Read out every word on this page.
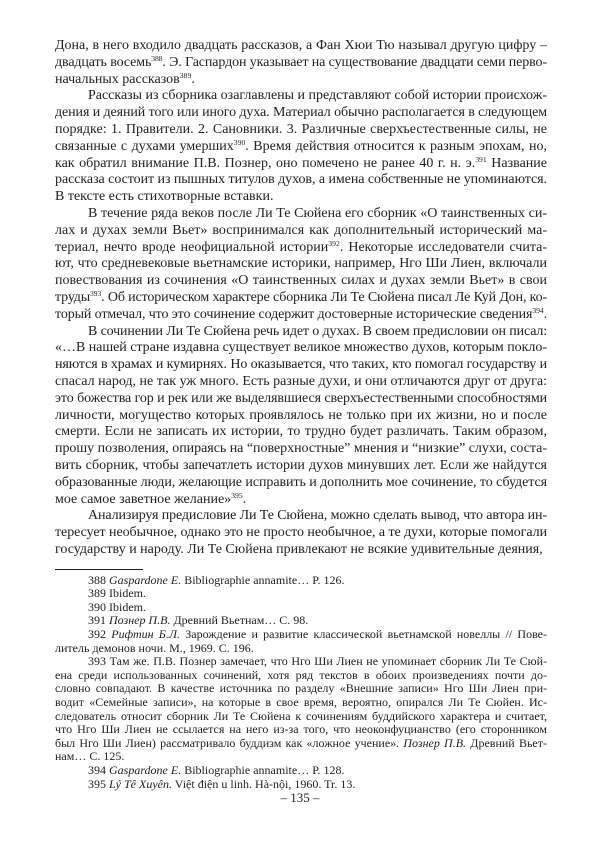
Дона, в него входило двадцать рассказов, а Фан Хюи Тю называл другую цифру –
двадцать восемь$^{388}$. Э. Гаспардон указывает на существование двадцати семи перво-
начальных рассказов$^{389}$.
Рассказы из сборника озаглавлены и представляют собой истории происхож-
дения и деяний того или иного духа. Материал обычно располагается в следующем
порядке: 1. Правители. 2. Сановники. 3. Различные сверхъестественные силы, не
связанные с духами умерших$^{390}$. Время действия относится к разным эпохам, но,
как обратил внимание П.В. Познер, оно помечено не ранее 40 г. н. э.$^{391}$ Название
рассказа состоит из пышных титулов духов, а имена собственные не упоминаются.
В тексте есть стихотворные вставки.
В течение ряда веков после Ли Те Сюйена его сборник «О таинственных си-
лах и духах земли Вьет» воспринимался как дополнительный исторический ма-
териал, нечто вроде неофициальной истории$^{392}$. Некоторые исследователи счита-
ют, что средневековые вьетнамские историки, например, Нго Ши Лиен, включали
повествования из сочинения «О таинственных силах и духах земли Вьет» в свои
труды$^{393}$. Об историческом характере сборника Ли Те Сюйена писал Ле Куй Дон, ко-
торый отмечал, что это сочинение содержит достоверные исторические сведения$^{394}$.
В сочинении Ли Те Сюйена речь идет о духах. В своем предисловии он писал:
«…В нашей стране издавна существует великое множество духов, которым покло-
няются в храмах и кумирнях. Но оказывается, что таких, кто помогал государству и
спасал народ, не так уж много. Есть разные духи, и они отличаются друг от друга:
это божества гор и рек или же выделявшиеся сверхъестественными способностями
личности, могущество которых проявлялось не только при их жизни, но и после
смерти. Если не записать их истории, то трудно будет различать. Таким образом,
прошу позволения, опираясь на “поверхностные” мнения и “низкие” слухи, соста-
вить сборник, чтобы запечатлеть истории духов минувших лет. Если же найдутся
образованные люди, желающие исправить и дополнить мое сочинение, то сбудется
мое самое заветное желание»$^{395}$.
Анализируя предисловие Ли Те Сюйена, можно сделать вывод, что автора ин-
тересует необычное, однако это не просто необычное, а те духи, которые помогали
государству и народу. Ли Те Сюйена привлекают не всякие удивительные деяния,
388 Gaspardone E. Bibliographie annamite… P. 126.
389 Ibidem.
390 Ibidem.
391 Познер П.В. Древний Вьетнам… С. 98.
392 Рифтин Б.Л. Зарождение и развитие классической вьетнамской новеллы // Пове-
литель демонов ночи. М., 1969. С. 196.
393 Там же. П.В. Познер замечает, что Нго Ши Лиен не упоминает сборник Ли Те Сюй-
ена среди использованных сочинений, хотя ряд текстов в обоих произведениях почти до-
словно совпадают. В качестве источника по разделу «Внешние записи» Нго Ши Лиен при-
водит «Семейные записи», на которые в свое время, вероятно, опирался Ли Те Сюйен. Ис-
следователь относит сборник Ли Те Сюйена к сочинениям буддийского характера и считает,
что Нго Ши Лиен не ссылается на него из-за того, что неоконфуцианство (его сторонником
был Нго Ши Лиен) рассматривало буддизм как «ложное учение». Познер П.В. Древний Вьет-
нам… С. 125.
394 Gaspardone E. Bibliographie annamite… P. 128.
395 Lý Tê Xuyên. Việt điện u linh. Hà-nội, 1960. Tr. 13.
– 135 –
